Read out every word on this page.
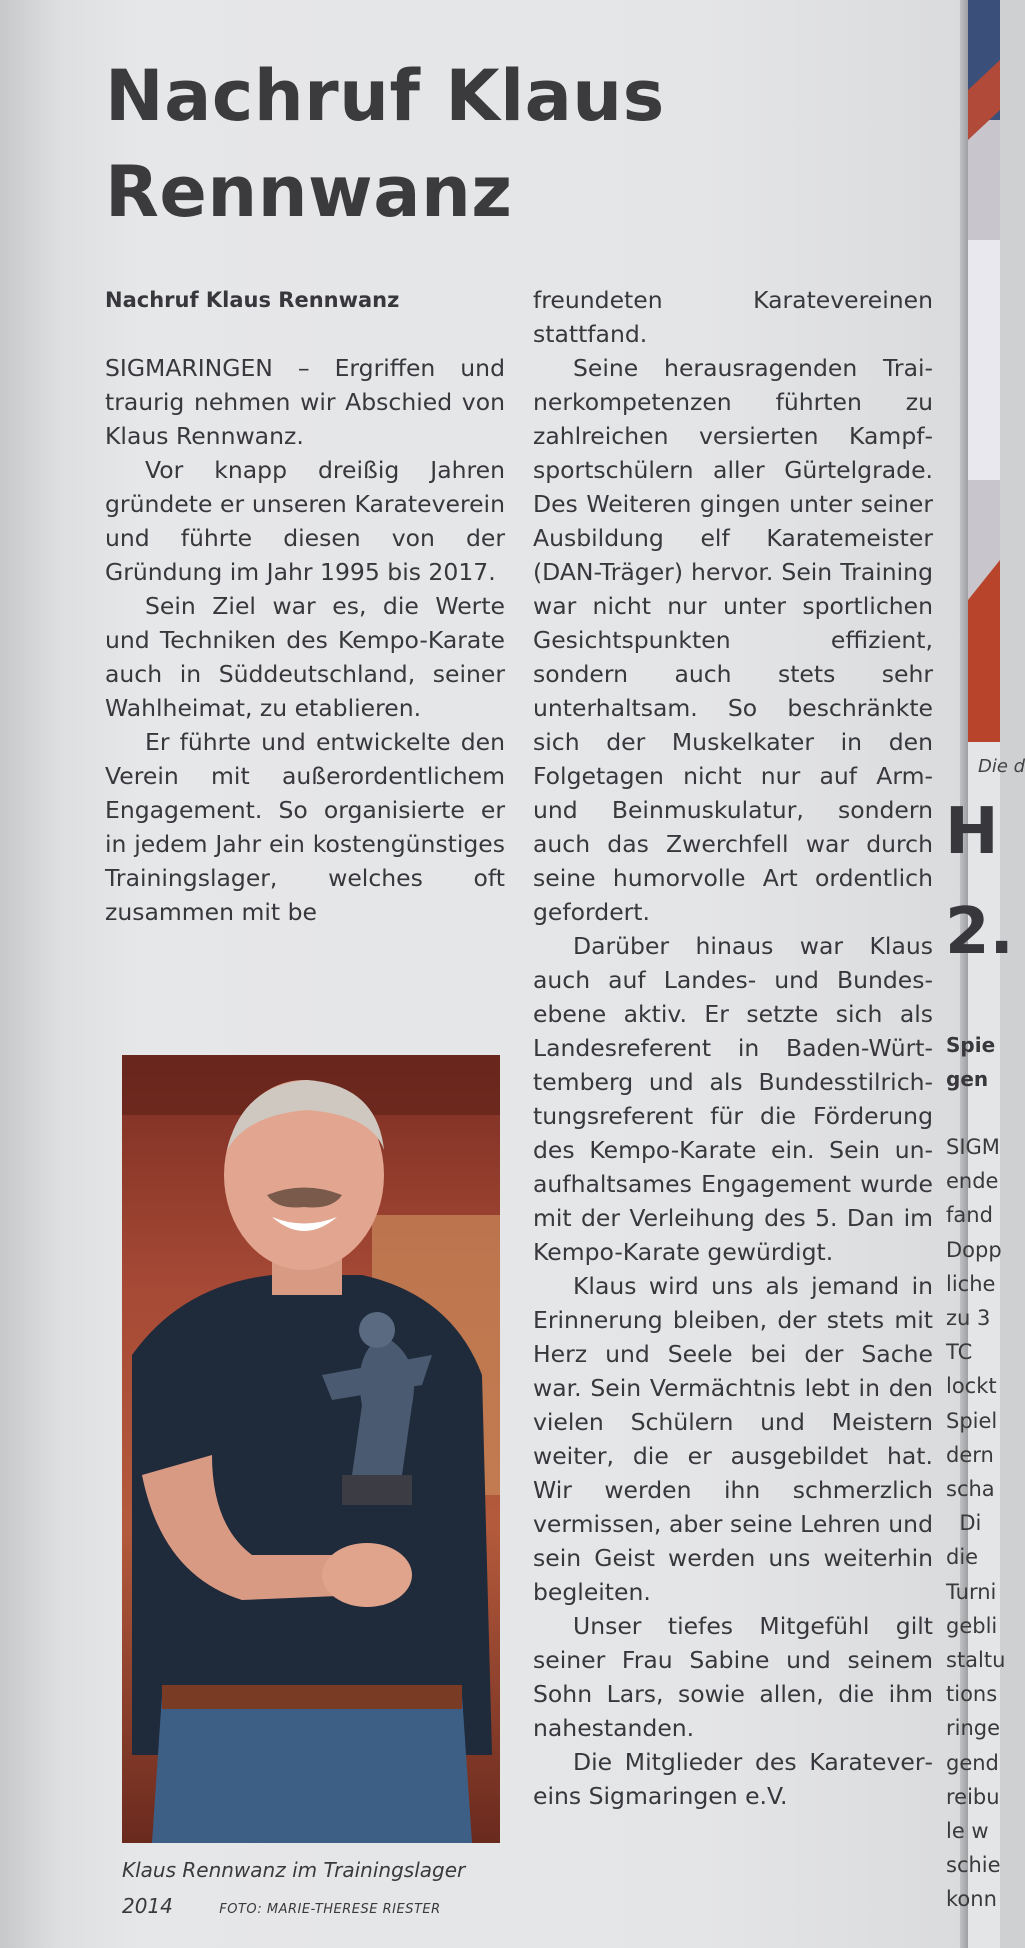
Nachruf Klaus Rennwanz

Nachruf Klaus Rennwanz

SIGMARINGEN – Ergriffen und traurig nehmen wir Abschied von Klaus Rennwanz.

Vor knapp dreißig Jahren gründete er unseren Karateverein und führte diesen von der Gründung im Jahr 1995 bis 2017.

Sein Ziel war es, die Werte und Techniken des Kempo-Karate auch in Süddeutschland, seiner Wahlheimat, zu etablieren.

Er führte und entwickelte den Verein mit außerordentlichem Engagement. So organisierte er in jedem Jahr ein kostengünstiges Trainingslager, welches oft zusammen mit be

Klaus Rennwanz im Trainingslager 2014	FOTO: MARIE-THERESE RIESTER

freundeten Karatevereinen stattfand.

Seine herausragenden Trainerkompetenzen führten zu zahlreichen versierten Kampfsportschülern aller Gürtelgrade. Des Weiteren gingen unter seiner Ausbildung elf Karatemeister (DAN-Träger) hervor. Sein Training war nicht nur unter sportlichen Gesichtspunkten effizient, sondern auch stets sehr unterhaltsam. So beschränkte sich der Muskelkater in den Folgetagen nicht nur auf Arm- und Beinmuskulatur, sondern auch das Zwerchfell war durch seine humorvolle Art ordentlich gefordert.

Darüber hinaus war Klaus auch auf Landes- und Bundesebene aktiv. Er setzte sich als Landesreferent in Baden-Württemberg und als Bundesstilrichtungsreferent für die Förderung des Kempo-Karate ein. Sein unaufhaltsames Engagement wurde mit der Verleihung des 5. Dan im Kempo-Karate gewürdigt.

Klaus wird uns als jemand in Erinnerung bleiben, der stets mit Herz und Seele bei der Sache war. Sein Vermächtnis lebt in den vielen Schülern und Meistern weiter, die er ausgebildet hat. Wir werden ihn schmerzlich vermissen, aber seine Lehren und sein Geist werden uns weiterhin begleiten.

Unser tiefes Mitgefühl gilt seiner Frau Sabine und seinem Sohn Lars, sowie allen, die ihm nahestanden.

Die Mitglieder des Karatevereins Sigmaringen e.V.

Die d
H
2.
Spie
gen
SIGM
ende
fand
Dopp
liche
zu 3
TC
lockt
Spiel
dern
scha
Di
die
Turni
gebli
staltu
tions
ringe
gend
reibu
le w
schie
konn
